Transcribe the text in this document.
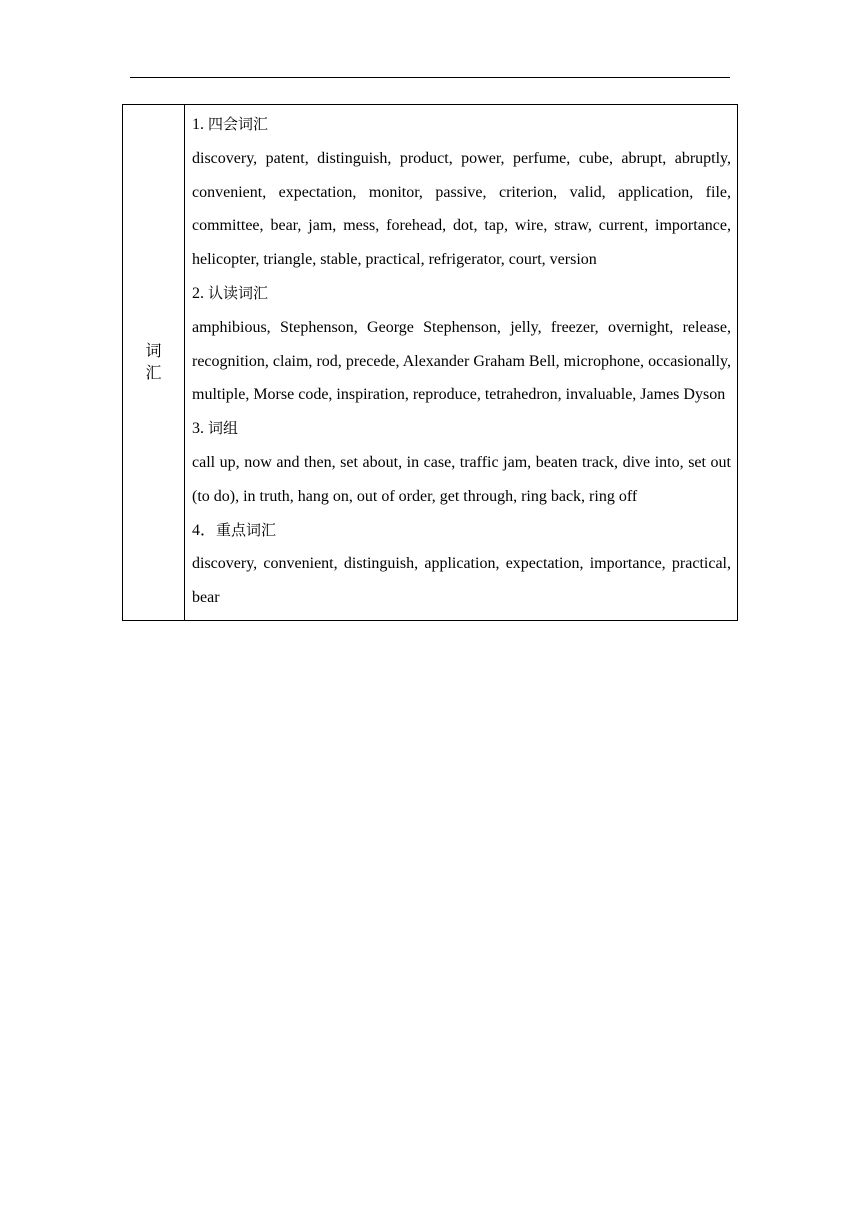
词汇	

1. 四会词汇

discovery, patent, distinguish, product, power, perfume, cube, abrupt, abruptly, convenient, expectation, monitor, passive, criterion, valid, application, file, committee, bear, jam, mess, forehead, dot, tap, wire, straw, current, importance, helicopter, triangle, stable, practical, refrigerator, court, version

2. 认读词汇

amphibious, Stephenson, George Stephenson, jelly, freezer, overnight, release, recognition, claim, rod, precede, Alexander Graham Bell, microphone, occasionally, multiple, Morse code, inspiration, reproduce, tetrahedron, invaluable, James Dyson

3. 词组

call up, now and then, set about, in case, traffic jam, beaten track, dive into, set out (to do), in truth, hang on, out of order, get through, ring back, ring off

4．重点词汇

discovery, convenient, distinguish, application, expectation, importance, practical, bear
